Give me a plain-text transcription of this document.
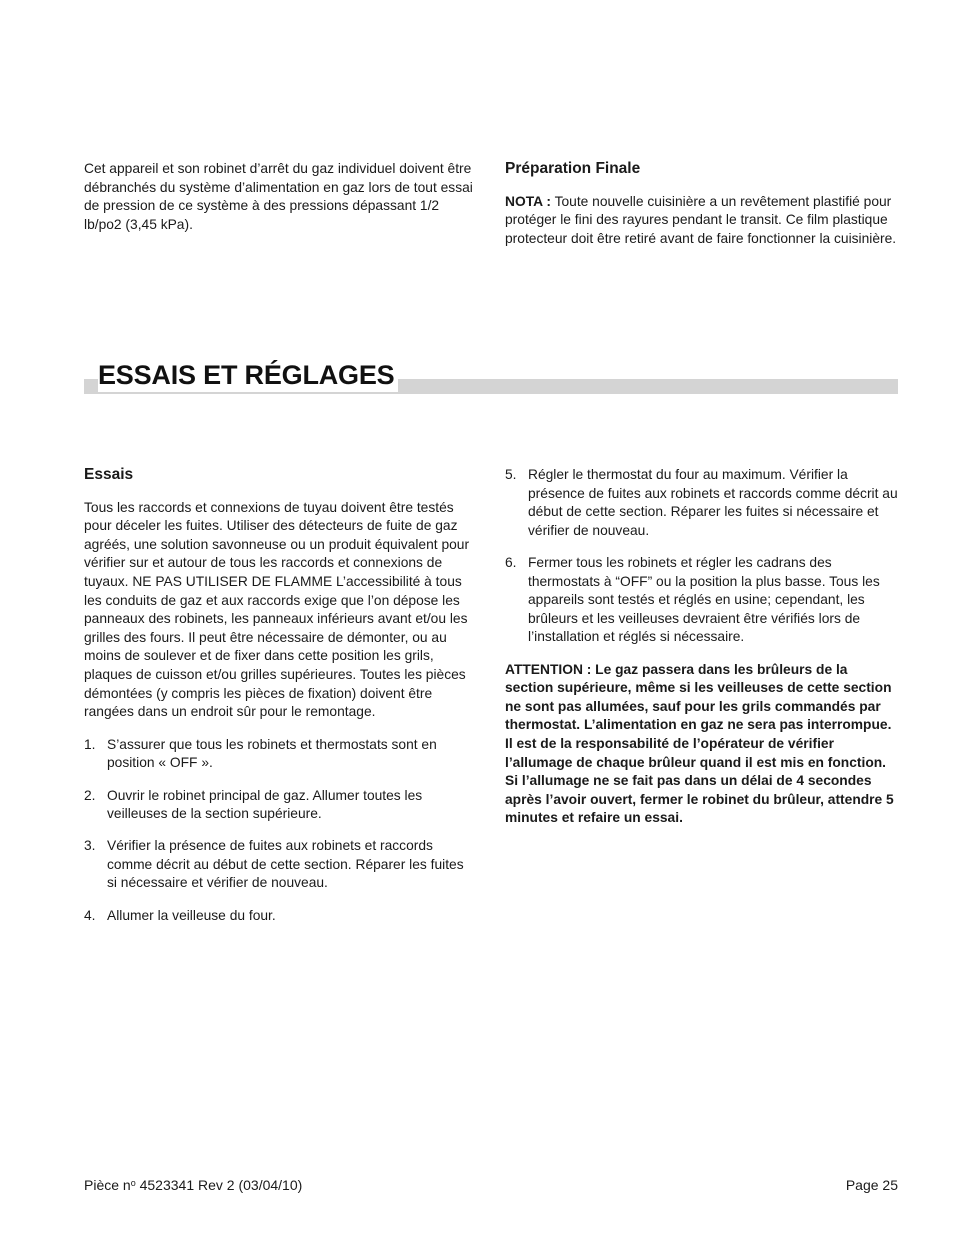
Cet appareil et son robinet d’arrêt du gaz individuel doivent être débranchés du système d’alimentation en gaz lors de tout essai de pression de ce système à des pressions dépassant 1/2 lb/po2 (3,45 kPa).

Préparation Finale

NOTA : Toute nouvelle cuisinière a un revêtement plastifié pour protéger le fini des rayures pendant le transit. Ce film plastique protecteur doit être retiré avant de faire fonctionner la cuisinière.

ESSAIS ET RÉGLAGES
Essais

Tous les raccords et connexions de tuyau doivent être testés pour déceler les fuites. Utiliser des détecteurs de fuite de gaz agréés, une solution savonneuse ou un produit équivalent pour vérifier sur et autour de tous les raccords et connexions de tuyaux. NE PAS UTILISER DE FLAMME L’accessibilité à tous les conduits de gaz et aux raccords exige que l’on dépose les panneaux des robinets, les panneaux inférieurs avant et/ou les grilles des fours. Il peut être nécessaire de démonter, ou au moins de soulever et de fixer dans cette position les grils, plaques de cuisson et/ou grilles supérieures. Toutes les pièces démontées (y compris les pièces de fixation) doivent être rangées dans un endroit sûr pour le remontage.

1. S’assurer que tous les robinets et thermostats sont en position « OFF ».
2. Ouvrir le robinet principal de gaz. Allumer toutes les veilleuses de la section supérieure.
3. Vérifier la présence de fuites aux robinets et raccords comme décrit au début de cette section. Réparer les fuites si nécessaire et vérifier de nouveau.
4. Allumer la veilleuse du four.

5. Régler le thermostat du four au maximum. Vérifier la présence de fuites aux robinets et raccords comme décrit au début de cette section. Réparer les fuites si nécessaire et vérifier de nouveau.

6. Fermer tous les robinets et régler les cadrans des thermostats à “OFF” ou la position la plus basse. Tous les appareils sont testés et réglés en usine; cependant, les brûleurs et les veilleuses devraient être vérifiés lors de l’installation et réglés si nécessaire.

ATTENTION : Le gaz passera dans les brûleurs de la section supérieure, même si les veilleuses de cette section ne sont pas allumées, sauf pour les grils commandés par thermostat. L’alimentation en gaz ne sera pas interrompue. Il est de la responsabilité de l’opérateur de vérifier l’allumage de chaque brûleur quand il est mis en fonction. Si l’allumage ne se fait pas dans un délai de 4 secondes après l’avoir ouvert, fermer le robinet du brûleur, attendre 5 minutes et refaire un essai.

Pièce $n^o$ 4523341 Rev 2 (03/04/10)	Page 25
